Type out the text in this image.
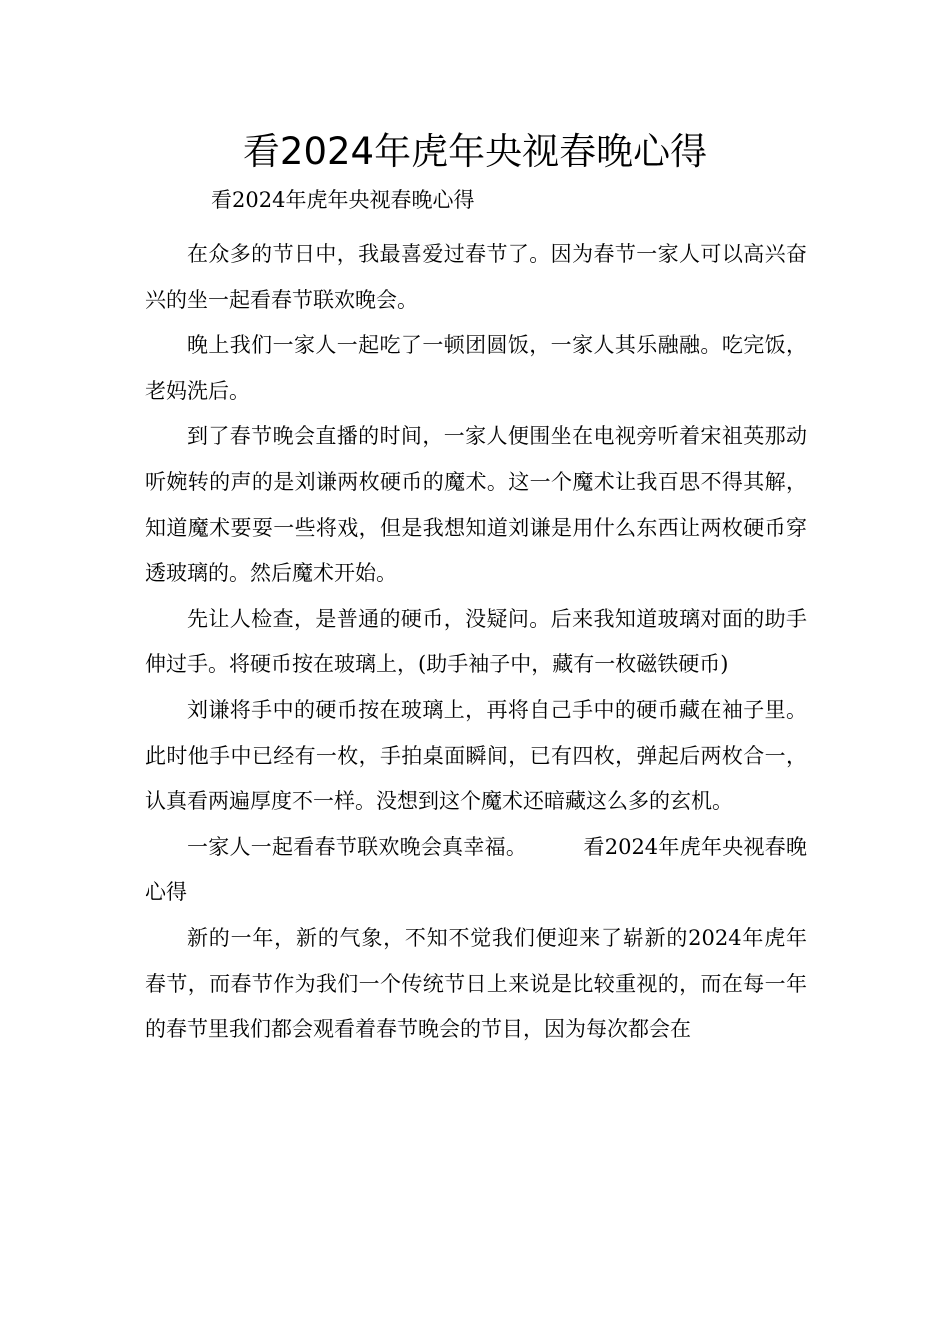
看2024年虎年央视春晚心得

看2024年虎年央视春晚心得

在众多的节日中，我最喜爱过春节了。因为春节一家人可以高兴奋兴的坐一起看春节联欢晚会。

晚上我们一家人一起吃了一顿团圆饭，一家人其乐融融。吃完饭，老妈洗后。

到了春节晚会直播的时间，一家人便围坐在电视旁听着宋祖英那动听婉转的声的是刘谦两枚硬币的魔术。这一个魔术让我百思不得其解，知道魔术要耍一些将戏，但是我想知道刘谦是用什么东西让两枚硬币穿透玻璃的。然后魔术开始。

先让人检查，是普通的硬币，没疑问。后来我知道玻璃对面的助手伸过手。将硬币按在玻璃上，(助手袖子中，藏有一枚磁铁硬币)

刘谦将手中的硬币按在玻璃上，再将自己手中的硬币藏在袖子里。此时他手中已经有一枚，手拍桌面瞬间，已有四枚，弹起后两枚合一，认真看两遍厚度不一样。没想到这个魔术还暗藏这么多的玄机。

一家人一起看春节联欢晚会真幸福。	看2024年虎年央视春晚心得

新的一年，新的气象，不知不觉我们便迎来了崭新的2024年虎年春节，而春节作为我们一个传统节日上来说是比较重视的，而在每一年的春节里我们都会观看着春节晚会的节目，因为每次都会在
